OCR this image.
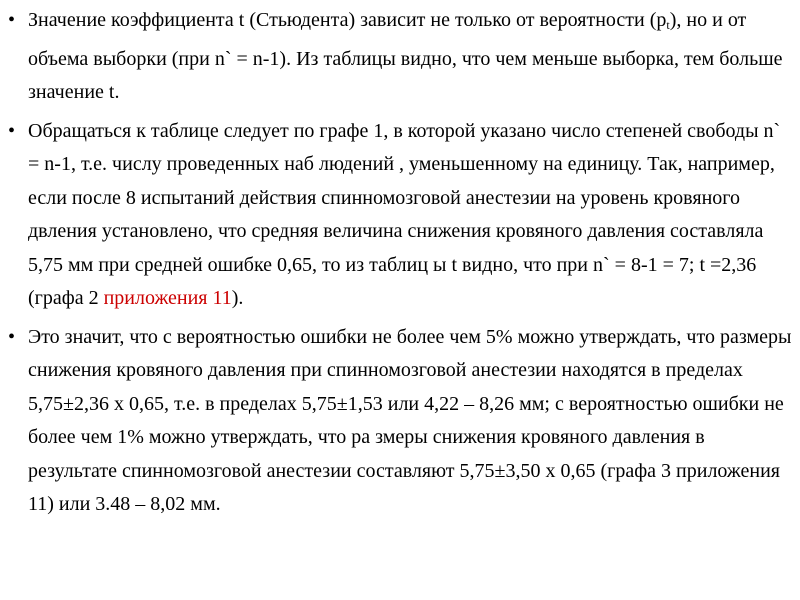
• Значение коэффициента t (Стьюдента) зависит не только от вероятности $(p_t)$, но и от объема выборки (при n` = n-1). Из таблицы видно, что чем меньше выборка, тем больше значение t.
• Обращаться к таблице следует по графе 1, в которой указано число степеней свободы n` = n-1, т.е. числу проведенных наб людений , уменьшенному на единицу. Так, например, если после 8 испытаний действия спинномозговой анестезии на уровень кровяного двления установлено, что средняя величина снижения кровяного давления составляла 5,75 мм при средней ошибке 0,65, то из таблиц ы t видно, что при n` = 8-1 = 7; t =2,36 (графа 2 приложения 11).
• Это значит, что с вероятностью ошибки не более чем 5% можно утверждать, что размеры снижения кровяного давления при спинномозговой анестезии находятся в пределах 5,75±2,36 х 0,65, т.е. в пределах 5,75±1,53 или 4,22 – 8,26 мм; с вероятностью ошибки не более чем 1% можно утверждать, что ра змеры снижения кровяного давления в результате спинномозговой анестезии составляют 5,75±3,50 х 0,65 (графа 3 приложения 11) или 3.48 – 8,02 мм.
